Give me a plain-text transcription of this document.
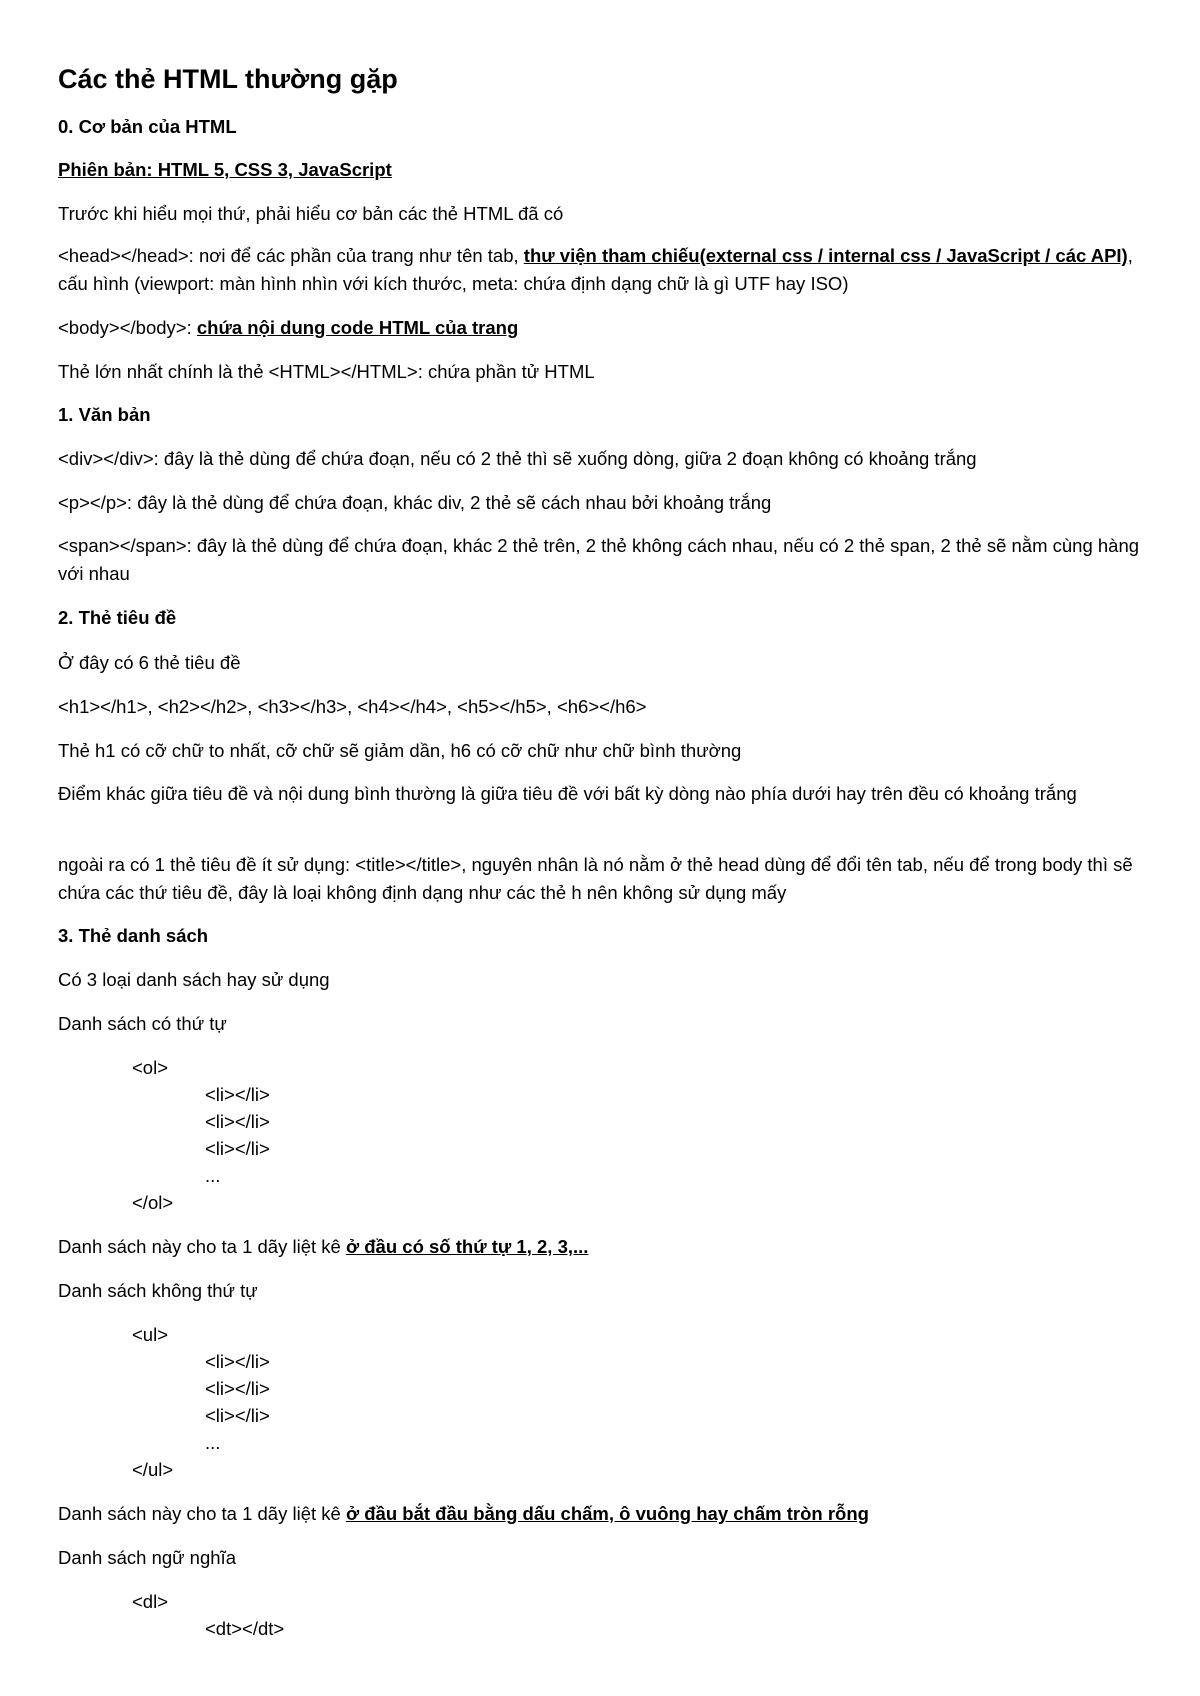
Các thẻ HTML thường gặp
0. Cơ bản của HTML
Phiên bản: HTML 5, CSS 3, JavaScript
Trước khi hiểu mọi thứ, phải hiểu cơ bản các thẻ HTML đã có
<head></head>: nơi để các phần của trang như tên tab, thư viện tham chiếu(external css / internal css / JavaScript / các API), cấu hình (viewport: màn hình nhìn với kích thước, meta: chứa định dạng chữ là gì UTF hay ISO)
<body></body>: chứa nội dung code HTML của trang
Thẻ lớn nhất chính là thẻ <HTML></HTML>: chứa phần tử HTML
1. Văn bản
<div></div>: đây là thẻ dùng để chứa đoạn, nếu có 2 thẻ thì sẽ xuống dòng, giữa 2 đoạn không có khoảng trắng
<p></p>: đây là thẻ dùng để chứa đoạn, khác div, 2 thẻ sẽ cách nhau bởi khoảng trắng
<span></span>: đây là thẻ dùng để chứa đoạn, khác 2 thẻ trên, 2 thẻ không cách nhau, nếu có 2 thẻ span, 2 thẻ sẽ nằm cùng hàng với nhau
2. Thẻ tiêu đề
Ở đây có 6 thẻ tiêu đề
<h1></h1>, <h2></h2>, <h3></h3>, <h4></h4>, <h5></h5>, <h6></h6>
Thẻ h1 có cỡ chữ to nhất, cỡ chữ sẽ giảm dần, h6 có cỡ chữ như chữ bình thường
Điểm khác giữa tiêu đề và nội dung bình thường là giữa tiêu đề với bất kỳ dòng nào phía dưới hay trên đều có khoảng trắng
ngoài ra có 1 thẻ tiêu đề ít sử dụng: <title></title>, nguyên nhân là nó nằm ở thẻ head dùng để đổi tên tab, nếu để trong body thì sẽ chứa các thứ tiêu đề, đây là loại không định dạng như các thẻ h nên không sử dụng mấy
3. Thẻ danh sách
Có 3 loại danh sách hay sử dụng
Danh sách có thứ tự
<ol>
<li></li>
<li></li>
<li></li>
...
</ol>
Danh sách này cho ta 1 dãy liệt kê ở đầu có số thứ tự 1, 2, 3,...
Danh sách không thứ tự
<ul>
<li></li>
<li></li>
<li></li>
...
</ul>
Danh sách này cho ta 1 dãy liệt kê ở đầu bắt đầu bằng dấu chấm, ô vuông hay chấm tròn rỗng
Danh sách ngữ nghĩa
<dl>
<dt></dt>
